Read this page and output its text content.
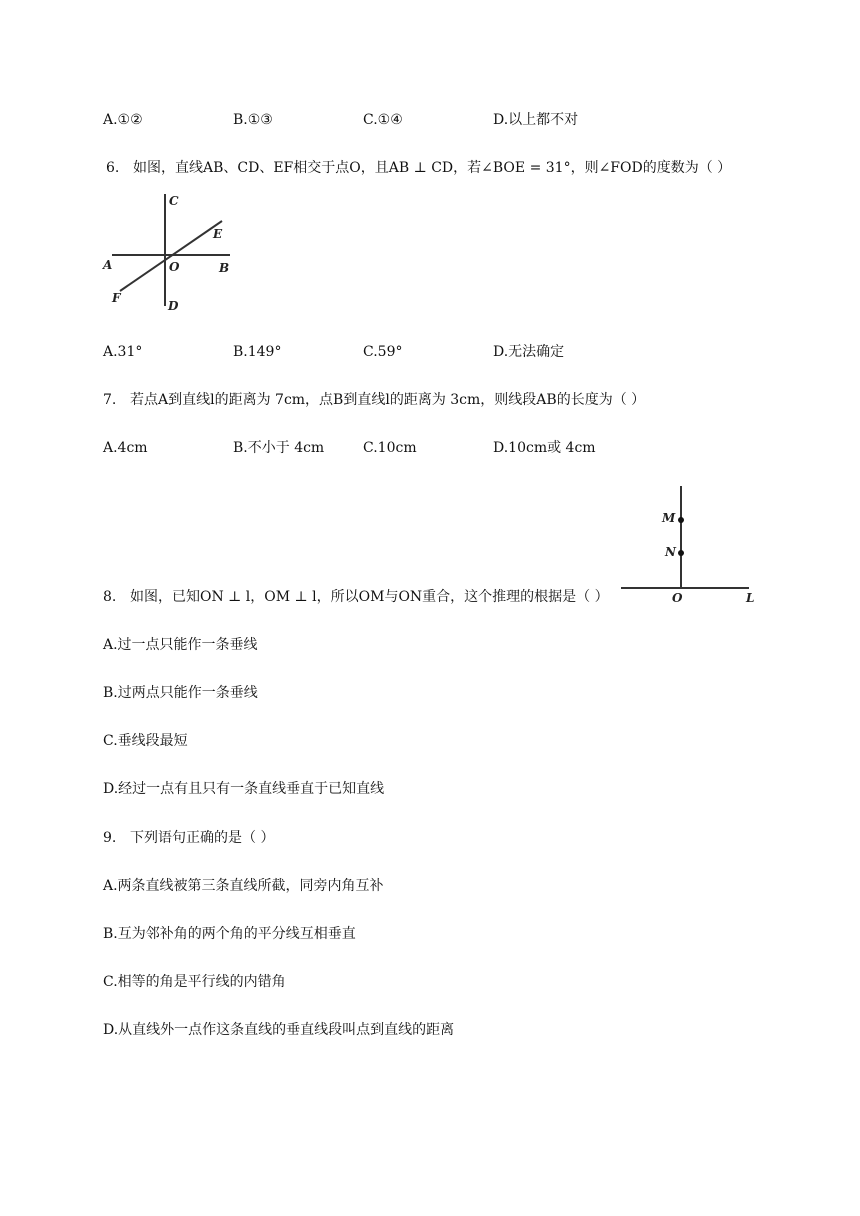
A.①②	B.①③	C.①④	D.以上都不对
6. 如图，直线AB、CD、EF相交于点O，且AB ⊥ CD，若∠BOE = 31°，则∠FOD的度数为（ ）
C
E
A	O	B
F
D
A.31°	B.149°	C.59°	D.无法确定
7. 若点A到直线l的距离为 7cm，点B到直线l的距离为 3cm，则线段AB的长度为（ ）
A.4cm	B.不小于 4cm	C.10cm	D.10cm或 4cm
M
N
O	L
8. 如图，已知ON ⊥ l，OM ⊥ l，所以OM与ON重合，这个推理的根据是（ ）
A.过一点只能作一条垂线
B.过两点只能作一条垂线
C.垂线段最短
D.经过一点有且只有一条直线垂直于已知直线
9. 下列语句正确的是（ ）
A.两条直线被第三条直线所截，同旁内角互补
B.互为邻补角的两个角的平分线互相垂直
C.相等的角是平行线的内错角
D.从直线外一点作这条直线的垂直线段叫点到直线的距离
